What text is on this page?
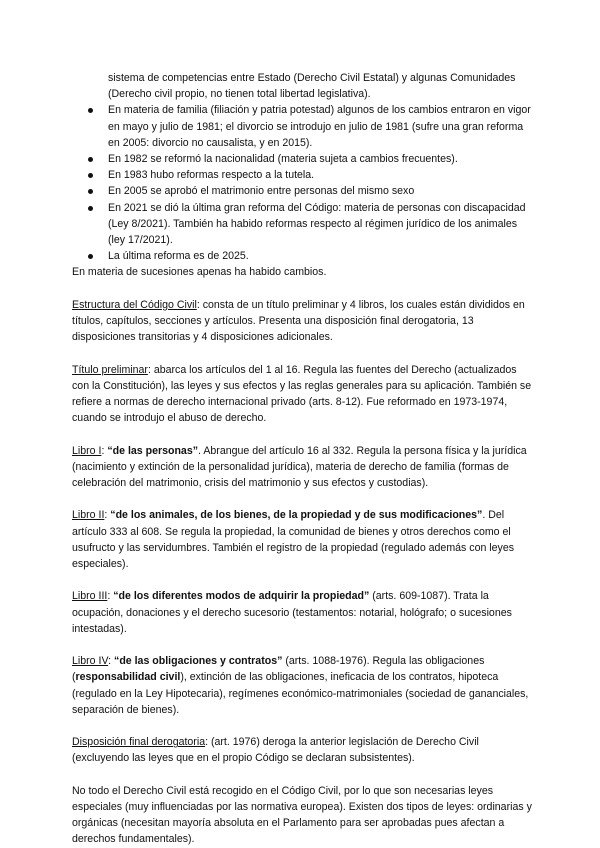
sistema de competencias entre Estado (Derecho Civil Estatal) y algunas Comunidades (Derecho civil propio, no tienen total libertad legislativa).

En materia de familia (filiación y patria potestad) algunos de los cambios entraron en vigor en mayo y julio de 1981; el divorcio se introdujo en julio de 1981 (sufre una gran reforma en 2005: divorcio no causalista, y en 2015).
En 1982 se reformó la nacionalidad (materia sujeta a cambios frecuentes).
En 1983 hubo reformas respecto a la tutela.
En 2005 se aprobó el matrimonio entre personas del mismo sexo
En 2021 se dió la última gran reforma del Código: materia de personas con discapacidad (Ley 8/2021). También ha habido reformas respecto al régimen jurídico de los animales (ley 17/2021).
La última reforma es de 2025.

En materia de sucesiones apenas ha habido cambios.

Estructura del Código Civil: consta de un título preliminar y 4 libros, los cuales están divididos en títulos, capítulos, secciones y artículos. Presenta una disposición final derogatoria, 13 disposiciones transitorias y 4 disposiciones adicionales.

Título preliminar: abarca los artículos del 1 al 16. Regula las fuentes del Derecho (actualizados con la Constitución), las leyes y sus efectos y las reglas generales para su aplicación. También se refiere a normas de derecho internacional privado (arts. 8-12). Fue reformado en 1973-1974, cuando se introdujo el abuso de derecho.

Libro I: “de las personas”. Abrangue del artículo 16 al 332. Regula la persona física y la jurídica (nacimiento y extinción de la personalidad jurídica), materia de derecho de familia (formas de celebración del matrimonio, crisis del matrimonio y sus efectos y custodias).

Libro II: “de los animales, de los bienes, de la propiedad y de sus modificaciones”. Del artículo 333 al 608. Se regula la propiedad, la comunidad de bienes y otros derechos como el usufructo y las servidumbres. También el registro de la propiedad (regulado además con leyes especiales).

Libro III: “de los diferentes modos de adquirir la propiedad” (arts. 609-1087). Trata la ocupación, donaciones y el derecho sucesorio (testamentos: notarial, hológrafo; o sucesiones intestadas).

Libro IV: “de las obligaciones y contratos” (arts. 1088-1976). Regula las obligaciones (responsabilidad civil), extinción de las obligaciones, ineficacia de los contratos, hipoteca (regulado en la Ley Hipotecaria), regímenes económico-matrimoniales (sociedad de gananciales, separación de bienes).

Disposición final derogatoria: (art. 1976) deroga la anterior legislación de Derecho Civil (excluyendo las leyes que en el propio Código se declaran subsistentes).

No todo el Derecho Civil está recogido en el Código Civil, por lo que son necesarias leyes especiales (muy influenciadas por las normativa europea). Existen dos tipos de leyes: ordinarias y orgánicas (necesitan mayoría absoluta en el Parlamento para ser aprobadas pues afectan a derechos fundamentales).
